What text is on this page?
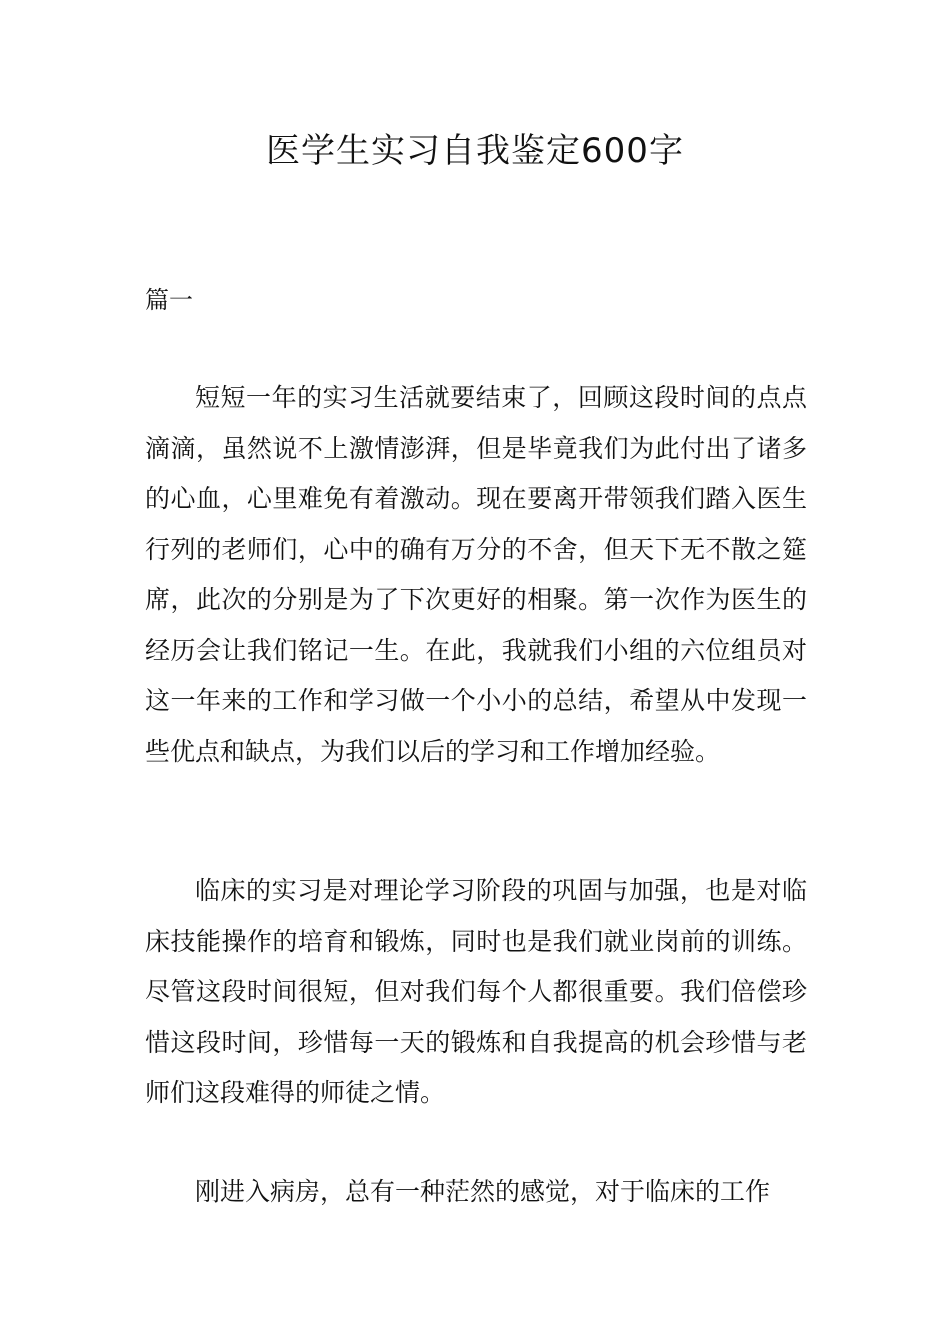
医学生实习自我鉴定600字

篇一

短短一年的实习生活就要结束了，回顾这段时间的点点滴滴，虽然说不上激情澎湃，但是毕竟我们为此付出了诸多的心血，心里难免有着激动。现在要离开带领我们踏入医生行列的老师们，心中的确有万分的不舍，但天下无不散之筵席，此次的分别是为了下次更好的相聚。第一次作为医生的经历会让我们铭记一生。在此，我就我们小组的六位组员对这一年来的工作和学习做一个小小的总结，希望从中发现一些优点和缺点，为我们以后的学习和工作增加经验。

临床的实习是对理论学习阶段的巩固与加强，也是对临床技能操作的培育和锻炼，同时也是我们就业岗前的训练。尽管这段时间很短，但对我们每个人都很重要。我们倍偿珍惜这段时间，珍惜每一天的锻炼和自我提高的机会珍惜与老师们这段难得的师徒之情。

刚进入病房，总有一种茫然的感觉，对于临床的工作
